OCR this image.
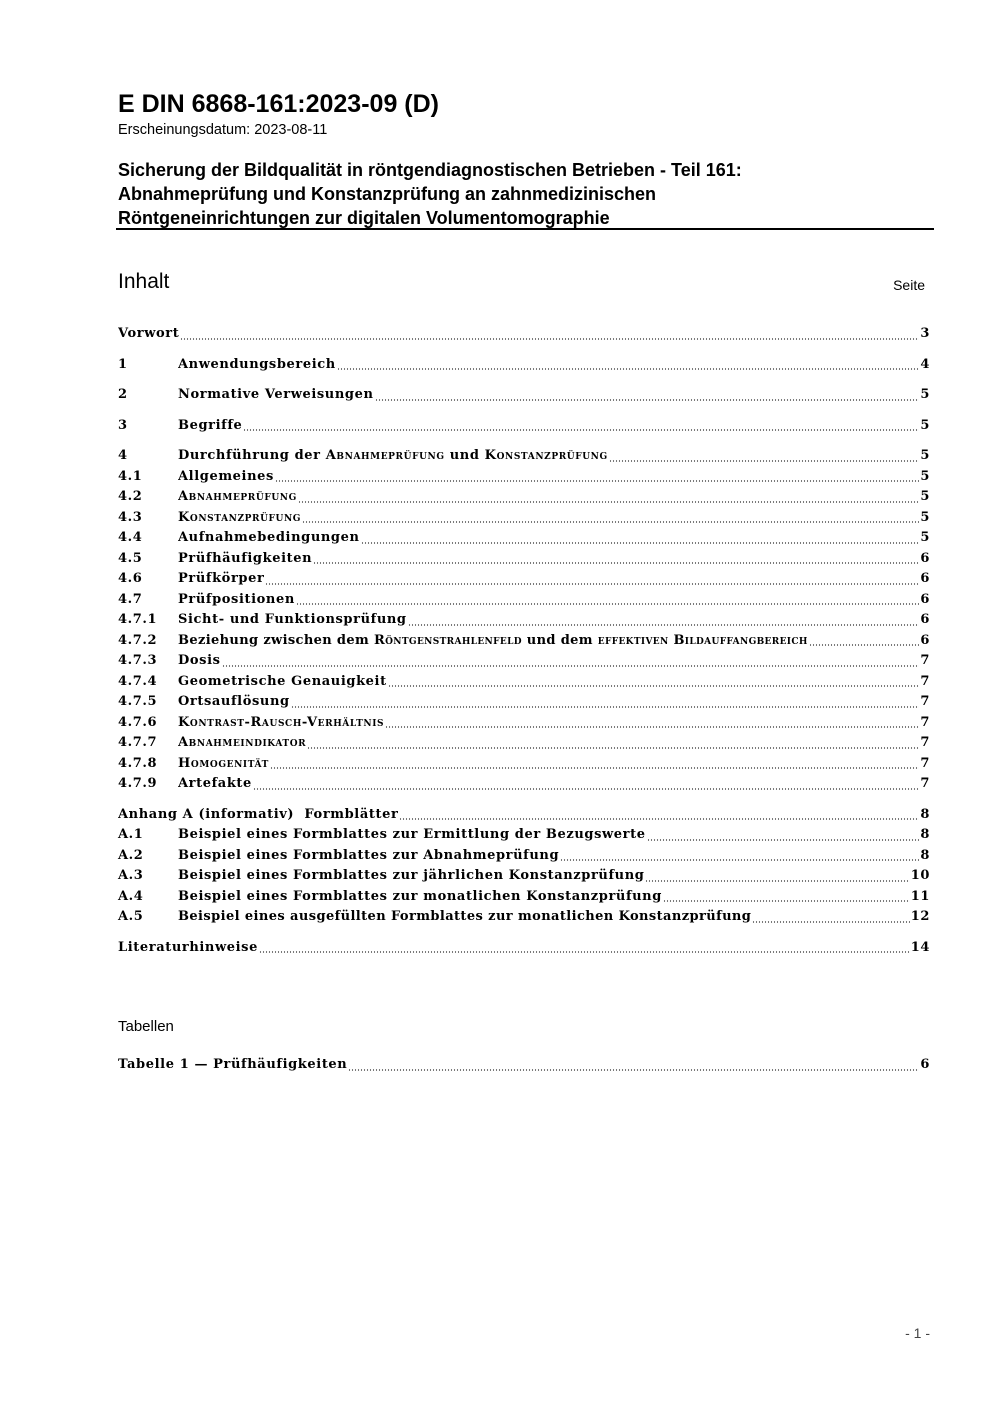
E DIN 6868-161:2023-09 (D)
Erscheinungsdatum: 2023-08-11
Sicherung der Bildqualität in röntgendiagnostischen Betrieben - Teil 161:
Abnahmeprüfung und Konstanzprüfung an zahnmedizinischen
Röntgeneinrichtungen zur digitalen Volumentomographie
Inhalt	Seite
Vorwort	3
1	Anwendungsbereich	4
2	Normative Verweisungen	5
3	Begriffe	5
4	Durchführung der Abnahmeprüfung und Konstanzprüfung	5
4.1	Allgemeines	5
4.2	Abnahmeprüfung	5
4.3	Konstanzprüfung	5
4.4	Aufnahmebedingungen	5
4.5	Prüfhäufigkeiten	6
4.6	Prüfkörper	6
4.7	Prüfpositionen	6
4.7.1	Sicht- und Funktionsprüfung	6
4.7.2	Beziehung zwischen dem Röntgenstrahlenfeld und dem effektiven Bildauffangbereich	6
4.7.3	Dosis	7
4.7.4	Geometrische Genauigkeit	7
4.7.5	Ortsauflösung	7
4.7.6	Kontrast-Rausch-Verhältnis	7
4.7.7	Abnahmeindikator	7
4.7.8	Homogenität	7
4.7.9	Artefakte	7
Anhang A (informativ)  Formblätter	8
A.1	Beispiel eines Formblattes zur Ermittlung der Bezugswerte	8
A.2	Beispiel eines Formblattes zur Abnahmeprüfung	8
A.3	Beispiel eines Formblattes zur jährlichen Konstanzprüfung	10
A.4	Beispiel eines Formblattes zur monatlichen Konstanzprüfung	11
A.5	Beispiel eines ausgefüllten Formblattes zur monatlichen Konstanzprüfung	12
Literaturhinweise	14
Tabellen
Tabelle 1 — Prüfhäufigkeiten	6
- 1 -
